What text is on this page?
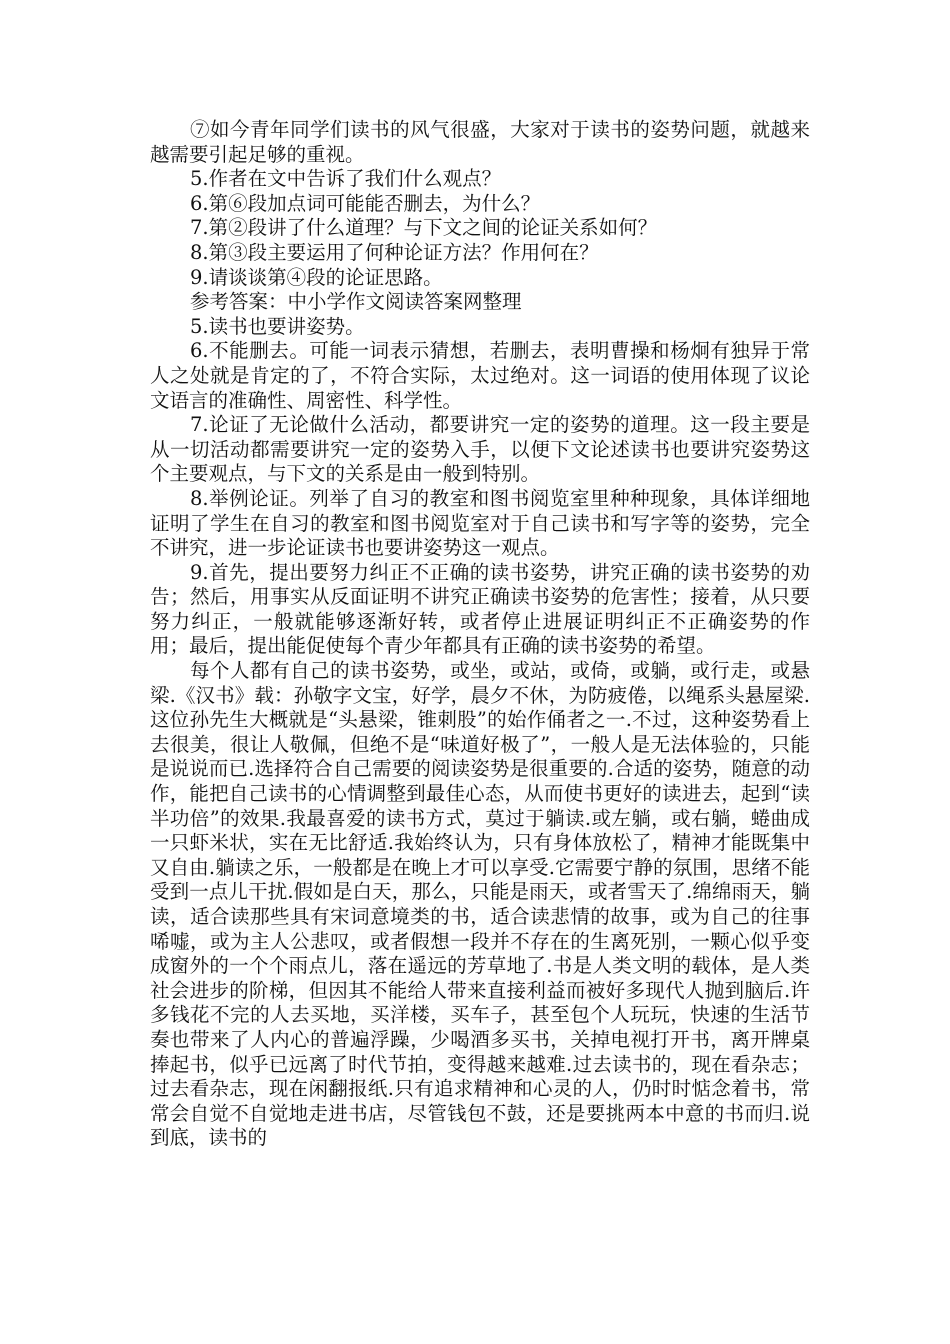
⑦如今青年同学们读书的风气很盛，大家对于读书的姿势问题，就越来越需要引起足够的重视。

5.作者在文中告诉了我们什么观点？

6.第⑥段加点词可能能否删去，为什么？

7.第②段讲了什么道理？与下文之间的论证关系如何？

8.第③段主要运用了何种论证方法？作用何在？

9.请谈谈第④段的论证思路。

参考答案：中小学作文阅读答案网整理

5.读书也要讲姿势。

6.不能删去。可能一词表示猜想，若删去，表明曹操和杨炯有独异于常人之处就是肯定的了，不符合实际，太过绝对。这一词语的使用体现了议论文语言的准确性、周密性、科学性。

7.论证了无论做什么活动，都要讲究一定的姿势的道理。这一段主要是从一切活动都需要讲究一定的姿势入手，以便下文论述读书也要讲究姿势这个主要观点，与下文的关系是由一般到特别。

8.举例论证。列举了自习的教室和图书阅览室里种种现象，具体详细地证明了学生在自习的教室和图书阅览室对于自己读书和写字等的姿势，完全不讲究，进一步论证读书也要讲姿势这一观点。

9.首先，提出要努力纠正不正确的读书姿势，讲究正确的读书姿势的劝告；然后，用事实从反面证明不讲究正确读书姿势的危害性；接着，从只要努力纠正，一般就能够逐渐好转，或者停止进展证明纠正不正确姿势的作用；最后，提出能促使每个青少年都具有正确的读书姿势的希望。

每个人都有自己的读书姿势，或坐，或站，或倚，或躺，或行走，或悬梁.《汉书》载：孙敬字文宝，好学，晨夕不休，为防疲倦，以绳系头悬屋梁.这位孙先生大概就是“头悬梁，锥刺股”的始作俑者之一.不过，这种姿势看上去很美，很让人敬佩，但绝不是“味道好极了”，一般人是无法体验的，只能是说说而已.选择符合自己需要的阅读姿势是很重要的.合适的姿势，随意的动作，能把自己读书的心情调整到最佳心态，从而使书更好的读进去，起到“读半功倍”的效果.我最喜爱的读书方式，莫过于躺读.或左躺，或右躺，蜷曲成一只虾米状，实在无比舒适.我始终认为，只有身体放松了，精神才能既集中又自由.躺读之乐，一般都是在晚上才可以享受.它需要宁静的氛围，思绪不能受到一点儿干扰.假如是白天，那么，只能是雨天，或者雪天了.绵绵雨天，躺读，适合读那些具有宋词意境类的书，适合读悲情的故事，或为自己的往事唏嘘，或为主人公悲叹，或者假想一段并不存在的生离死别，一颗心似乎变成窗外的一个个雨点儿，落在遥远的芳草地了.书是人类文明的载体，是人类社会进步的阶梯，但因其不能给人带来直接利益而被好多现代人抛到脑后.许多钱花不完的人去买地，买洋楼，买车子，甚至包个人玩玩，快速的生活节奏也带来了人内心的普遍浮躁，少喝酒多买书，关掉电视打开书，离开牌桌捧起书，似乎已远离了时代节拍，变得越来越难.过去读书的，现在看杂志；过去看杂志，现在闲翻报纸.只有追求精神和心灵的人，仍时时惦念着书，常常会自觉不自觉地走进书店，尽管钱包不鼓，还是要挑两本中意的书而归.说到底，读书的
